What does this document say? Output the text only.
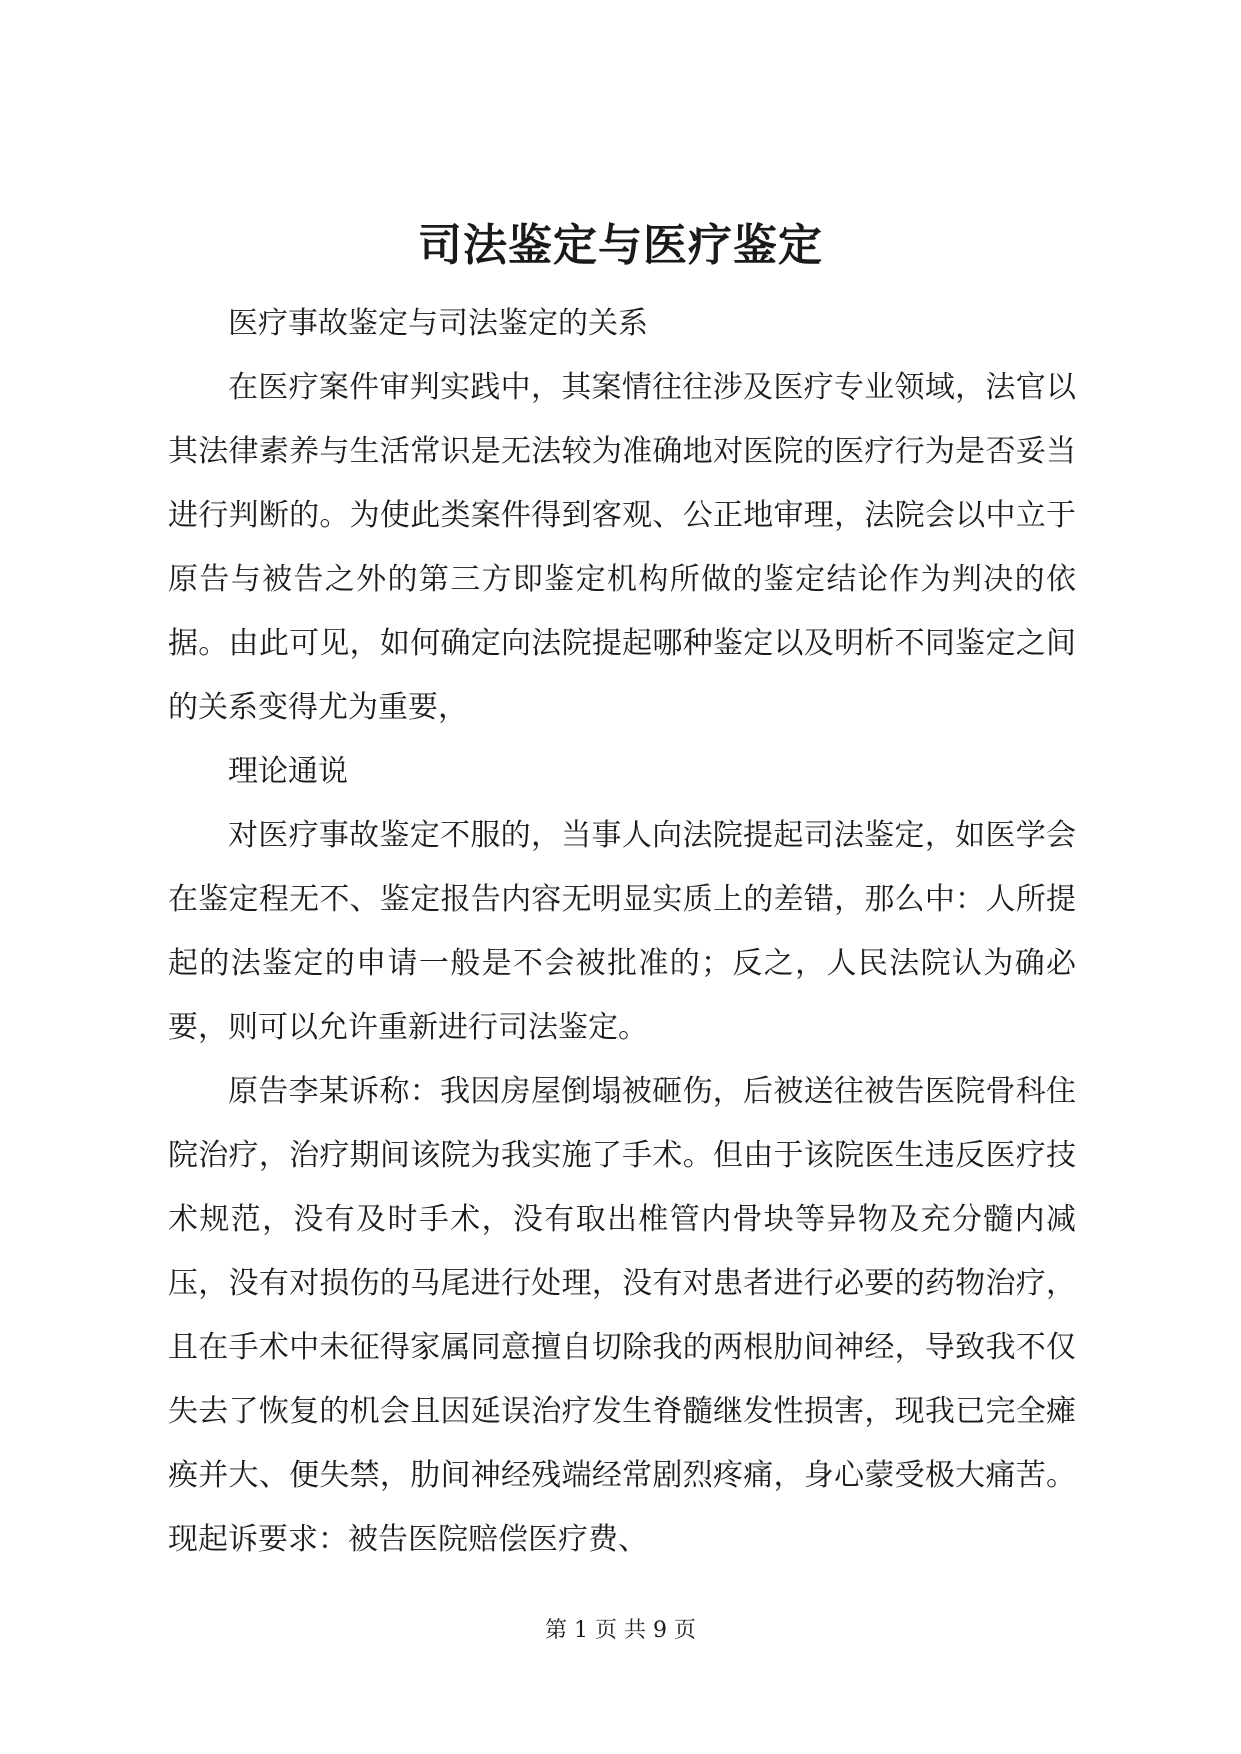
司法鉴定与医疗鉴定

医疗事故鉴定与司法鉴定的关系

在医疗案件审判实践中，其案情往往涉及医疗专业领域，法官以其法律素养与生活常识是无法较为准确地对医院的医疗行为是否妥当进行判断的。为使此类案件得到客观、公正地审理，法院会以中立于原告与被告之外的第三方即鉴定机构所做的鉴定结论作为判决的依据。由此可见，如何确定向法院提起哪种鉴定以及明析不同鉴定之间的关系变得尤为重要，

理论通说

对医疗事故鉴定不服的，当事人向法院提起司法鉴定，如医学会在鉴定程无不、鉴定报告内容无明显实质上的差错，那么中：人所提起的法鉴定的申请一般是不会被批准的；反之，人民法院认为确必要，则可以允许重新进行司法鉴定。

原告李某诉称：我因房屋倒塌被砸伤，后被送往被告医院骨科住院治疗，治疗期间该院为我实施了手术。但由于该院医生违反医疗技术规范，没有及时手术，没有取出椎管内骨块等异物及充分髓内减压，没有对损伤的马尾进行处理，没有对患者进行必要的药物治疗，且在手术中未征得家属同意擅自切除我的两根肋间神经，导致我不仅失去了恢复的机会且因延误治疗发生脊髓继发性损害，现我已完全瘫痪并大、便失禁，肋间神经残端经常剧烈疼痛，身心蒙受极大痛苦。现起诉要求：被告医院赔偿医疗费、

第 1 页 共 9 页
